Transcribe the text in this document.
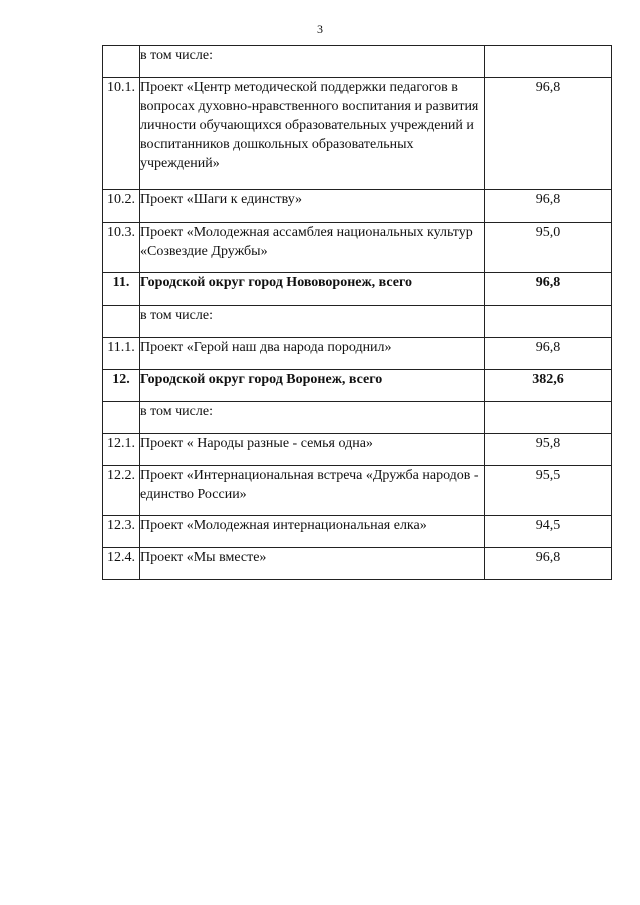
3
	в том числе:	
10.1.	Проект «Центр методической поддержки педагогов в вопросах духовно-нравственного воспитания и развития личности обучающихся образовательных учреждений и воспитанников дошкольных образовательных учреждений»	96,8
10.2.	Проект «Шаги к единству»	96,8
10.3.	Проект «Молодежная ассамблея национальных культур «Созвездие Дружбы»	95,0
11.	Городской округ город Нововоронеж, всего	96,8
	в том числе:	
11.1.	Проект «Герой наш два народа породнил»	96,8
12.	Городской округ город Воронеж, всего	382,6
	в том числе:	
12.1.	Проект « Народы разные - семья одна»	95,8
12.2.	Проект «Интернациональная встреча «Дружба народов - единство России»	95,5
12.3.	Проект «Молодежная интернациональная елка»	94,5
12.4.	Проект «Мы вместе»	96,8
